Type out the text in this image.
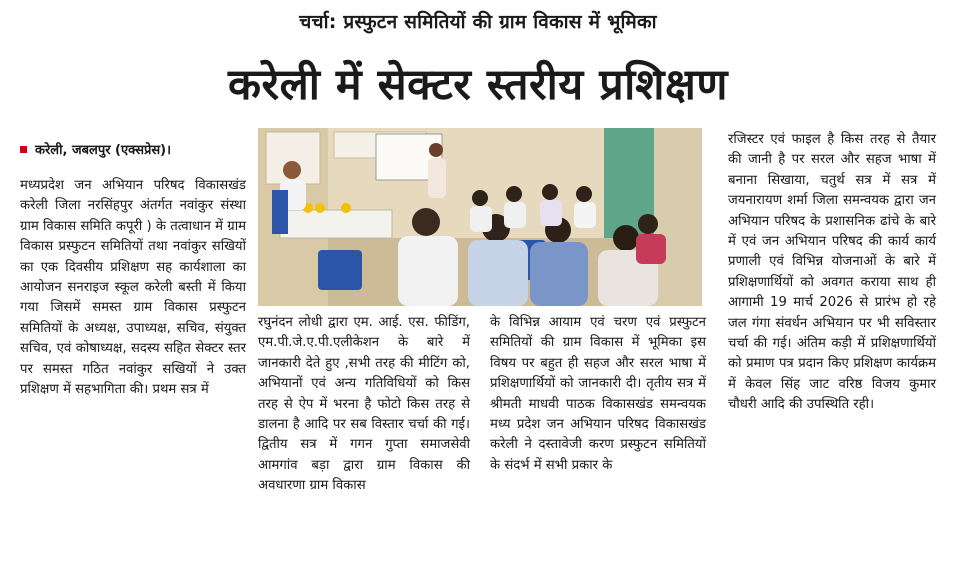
चर्चा: प्रस्फुटन समितियों की ग्राम विकास में भूमिका
करेली में सेक्टर स्तरीय प्रशिक्षण
करेली, जबलपुर (एक्सप्रेस)।
मध्यप्रदेश जन अभियान परिषद विकासखंड करेली जिला नरसिंहपुर अंतर्गत नवांकुर संस्था ग्राम विकास समिति कपूरी ) के तत्वाधान में ग्राम विकास प्रस्फुटन समितियों तथा नवांकुर सखियों का एक दिवसीय प्रशिक्षण सह कार्यशाला का आयोजन सनराइज स्कूल करेली बस्ती में किया गया जिसमें समस्त ग्राम विकास प्रस्फुटन समितियों के अध्यक्ष, उपाध्यक्ष, सचिव, संयुक्त सचिव, एवं कोषाध्यक्ष, सदस्य सहित सेक्टर स्तर पर समस्त गठित नवांकुर सखियों ने उक्त प्रशिक्षण में सहभागिता की। प्रथम सत्र में
रघुनंदन लोधी द्वारा एम. आई. एस. फीडिंग, एम.पी.जे.ए.पी.एलीकेशन के बारे में जानकारी देते हुए ,सभी तरह की मीटिंग को, अभियानों एवं अन्य गतिविधियों को किस तरह से ऐप में भरना है फोटो किस तरह से डालना है आदि पर सब विस्तार चर्चा की गई। द्वितीय सत्र में गगन गुप्ता समाजसेवी आमगांव बड़ा द्वारा ग्राम विकास की अवधारणा ग्राम विकास
के विभिन्न आयाम एवं चरण एवं प्रस्फुटन समितियों की ग्राम विकास में भूमिका इस विषय पर बहुत ही सहज और सरल भाषा में प्रशिक्षणार्थियों को जानकारी दी। तृतीय सत्र में श्रीमती माधवी पाठक विकासखंड समन्वयक मध्य प्रदेश जन अभियान परिषद विकासखंड करेली ने दस्तावेजी करण प्रस्फुटन समितियों के संदर्भ में सभी प्रकार के
रजिस्टर एवं फाइल है किस तरह से तैयार की जानी है पर सरल और सहज भाषा में बनाना सिखाया, चतुर्थ सत्र में सत्र में जयनारायण शर्मा जिला समन्वयक द्वारा जन अभियान परिषद के प्रशासनिक ढांचे के बारे में एवं जन अभियान परिषद की कार्य कार्य प्रणाली एवं विभिन्न योजनाओं के बारे में प्रशिक्षणार्थियों को अवगत कराया साथ ही आगामी 19 मार्च 2026 से प्रारंभ हो रहे जल गंगा संवर्धन अभियान पर भी सविस्तार चर्चा की गई। अंतिम कड़ी में प्रशिक्षणार्थियों को प्रमाण पत्र प्रदान किए प्रशिक्षण कार्यक्रम में केवल सिंह जाट वरिष्ठ विजय कुमार चौधरी आदि की उपस्थिति रही।
